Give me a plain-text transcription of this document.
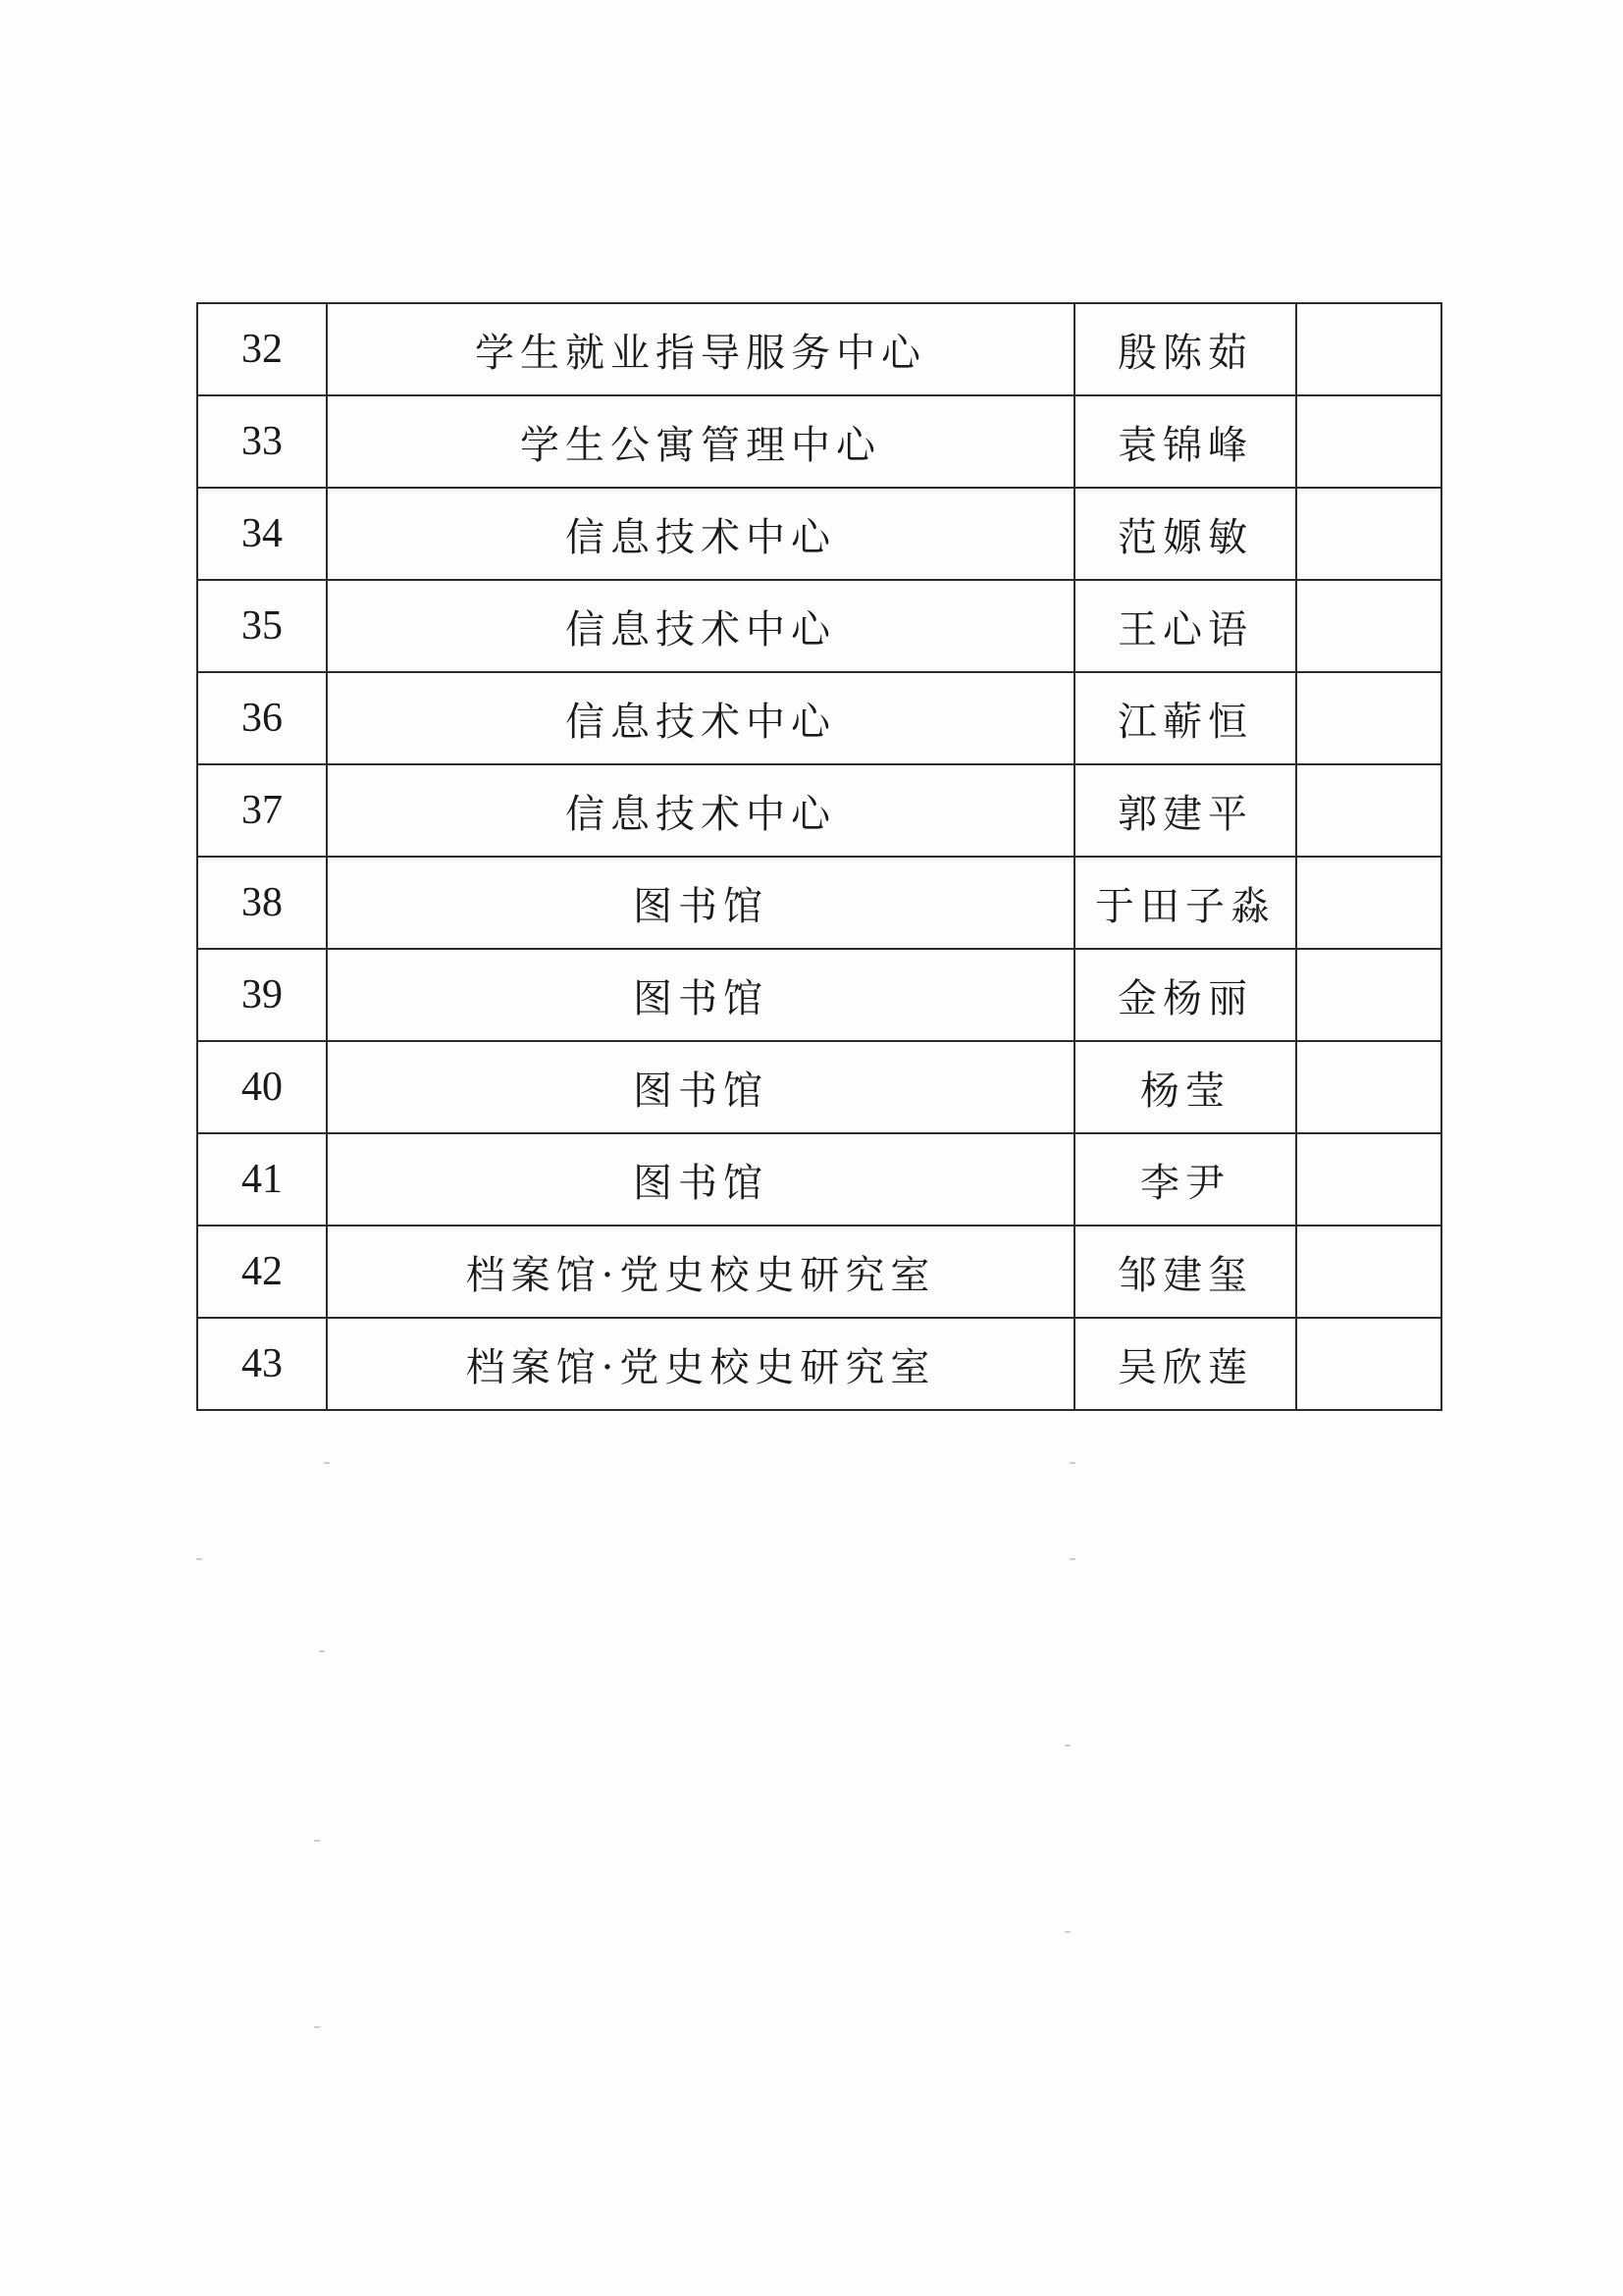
32	学生就业指导服务中心	殷陈茹	
33	学生公寓管理中心	袁锦峰	
34	信息技术中心	范嫄敏	
35	信息技术中心	王心语	
36	信息技术中心	江蕲恒	
37	信息技术中心	郭建平	
38	图书馆	于田子淼	
39	图书馆	金杨丽	
40	图书馆	杨莹	
41	图书馆	李尹	
42	档案馆·党史校史研究室	邹建玺	
43	档案馆·党史校史研究室	吴欣莲	
